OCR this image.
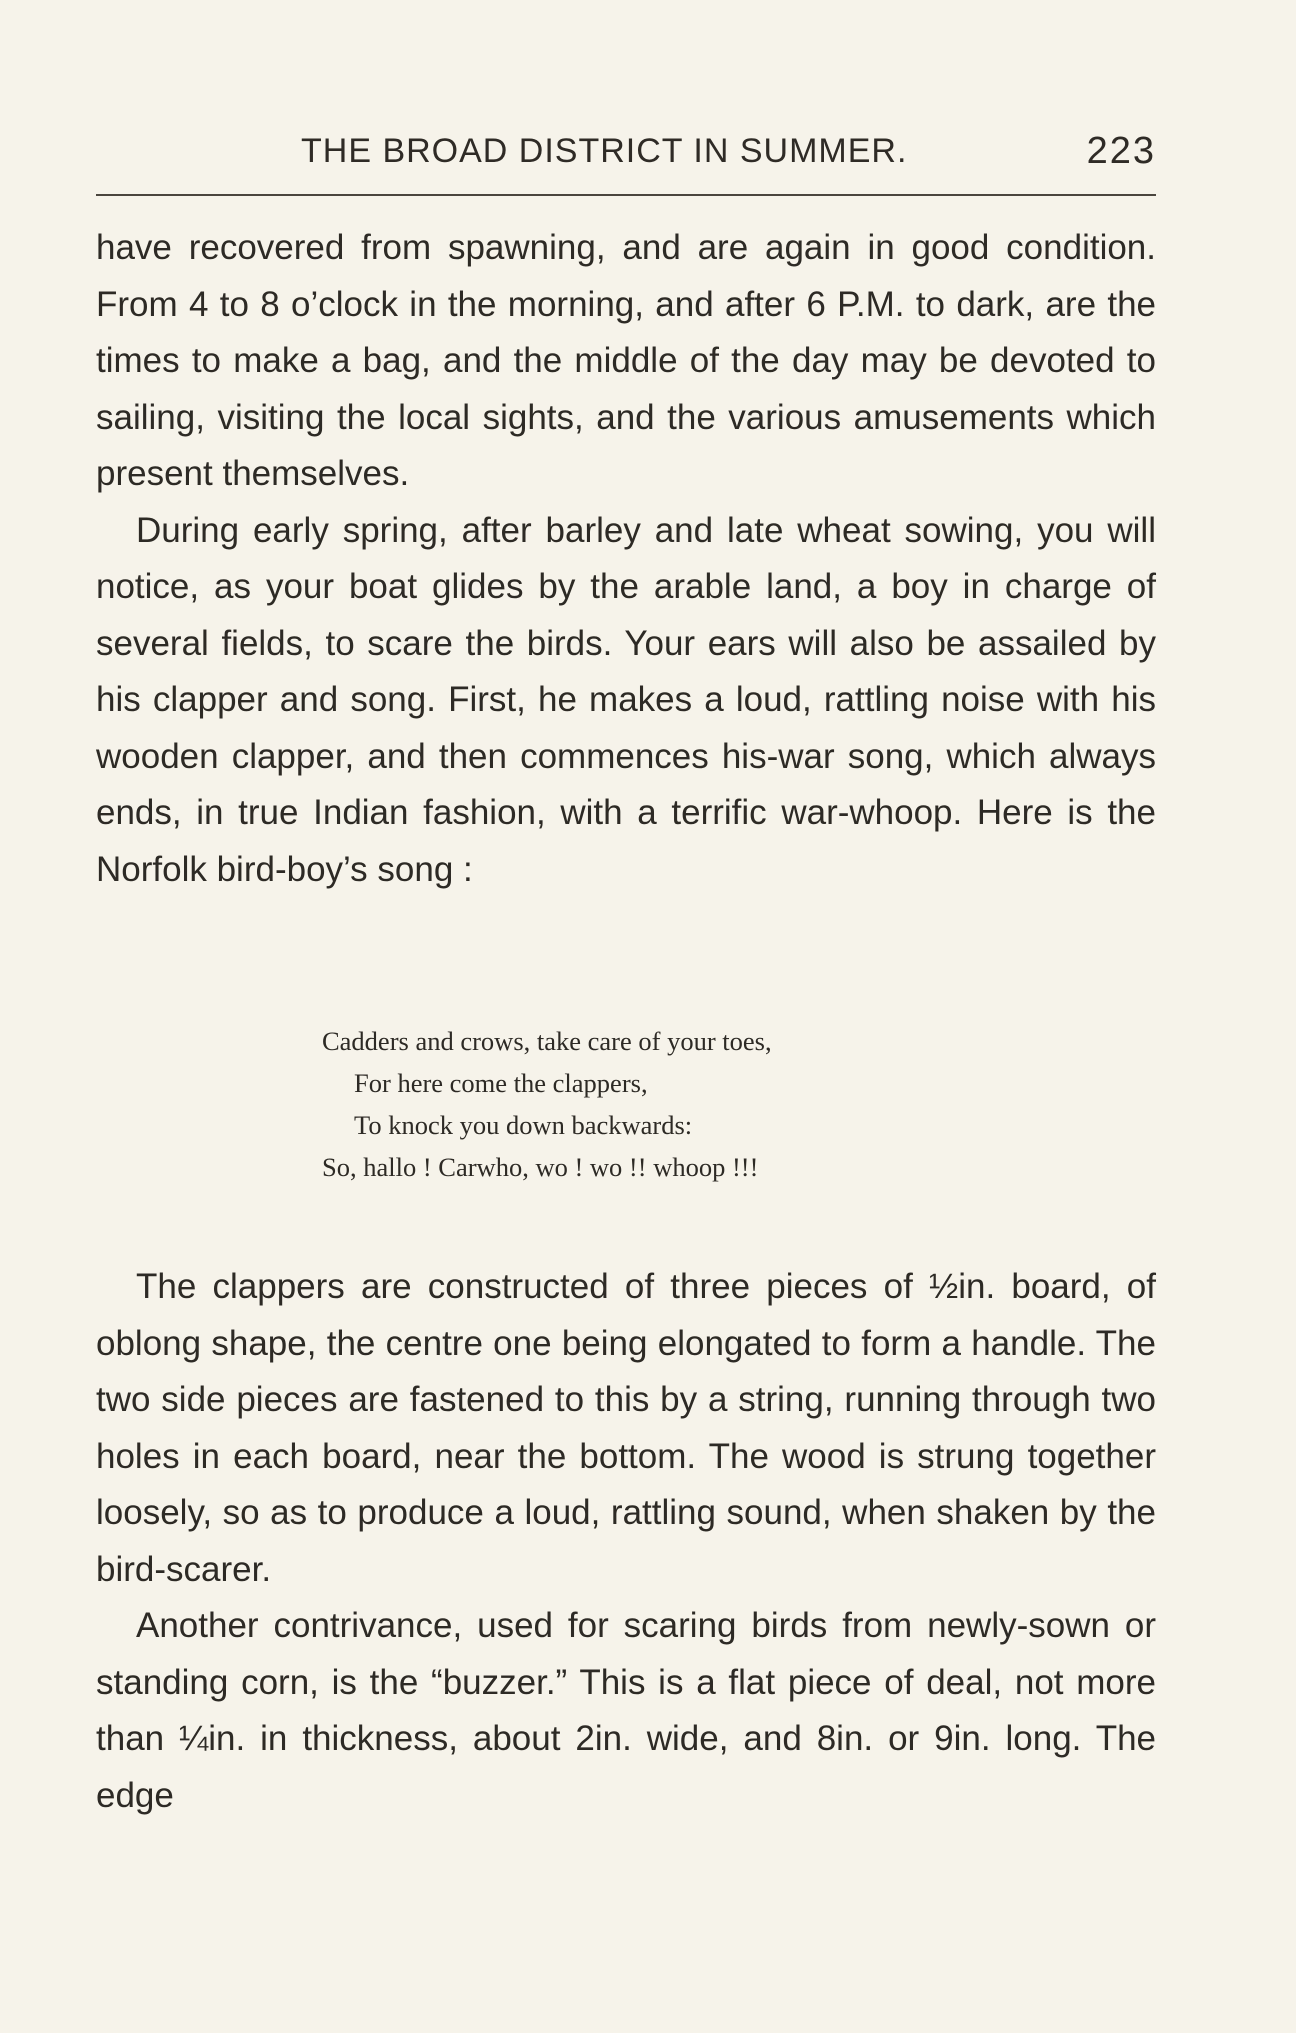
THE BROAD DISTRICT IN SUMMER.	223

have recovered from spawning, and are again in good condition. From 4 to 8 o’clock in the morning, and after 6 P.M. to dark, are the times to make a bag, and the middle of the day may be devoted to sailing, visiting the local sights, and the various amusements which present themselves.

During early spring, after barley and late wheat sowing, you will notice, as your boat glides by the arable land, a boy in charge of several fields, to scare the birds. Your ears will also be assailed by his clapper and song. First, he makes a loud, rattling noise with his wooden clapper, and then commences his-war song, which always ends, in true Indian fashion, with a terrific war-whoop. Here is the Norfolk bird-boy’s song :

Cadders and crows, take care of your toes,
For here come the clappers,
To knock you down backwards:
So, hallo ! Carwho, wo ! wo !! whoop !!!

The clappers are constructed of three pieces of ½in. board, of oblong shape, the centre one being elongated to form a handle. The two side pieces are fastened to this by a string, running through two holes in each board, near the bottom. The wood is strung together loosely, so as to produce a loud, rattling sound, when shaken by the bird-scarer.

Another contrivance, used for scaring birds from newly-sown or standing corn, is the “buzzer.” This is a flat piece of deal, not more than ¼in. in thickness, about 2in. wide, and 8in. or 9in. long. The edge
